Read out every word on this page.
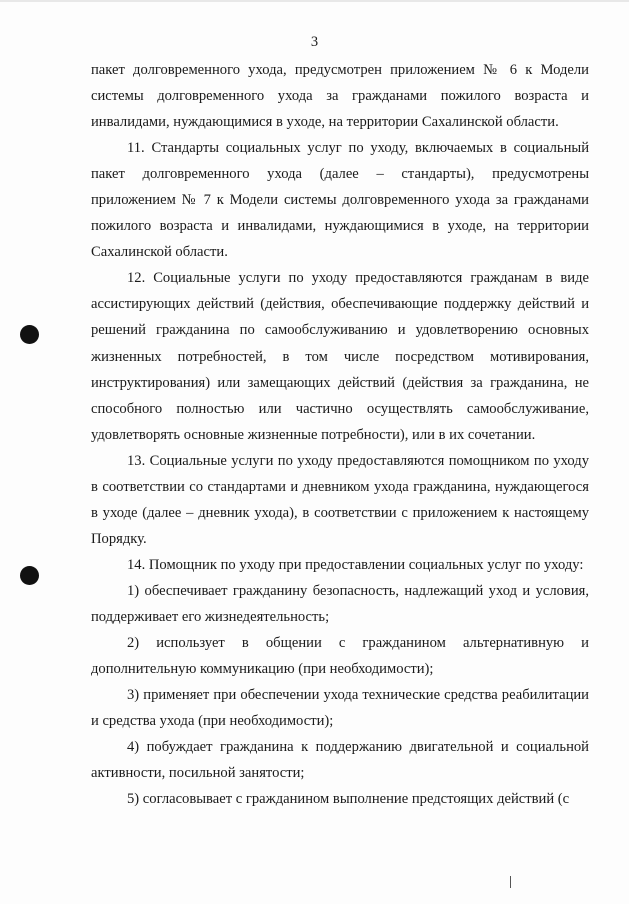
3

пакет долговременного ухода, предусмотрен приложением № 6 к Модели системы долговременного ухода за гражданами пожилого возраста и инвалидами, нуждающимися в уходе, на территории Сахалинской области.

11. Стандарты социальных услуг по уходу, включаемых в социальный пакет долговременного ухода (далее – стандарты), предусмотрены приложением № 7 к Модели системы долговременного ухода за гражданами пожилого возраста и инвалидами, нуждающимися в уходе, на территории Сахалинской области.

12. Социальные услуги по уходу предоставляются гражданам в виде ассистирующих действий (действия, обеспечивающие поддержку действий и решений гражданина по самообслуживанию и удовлетворению основных жизненных потребностей, в том числе посредством мотивирования, инструктирования) или замещающих действий (действия за гражданина, не способного полностью или частично осуществлять самообслуживание, удовлетворять основные жизненные потребности), или в их сочетании.

13. Социальные услуги по уходу предоставляются помощником по уходу в соответствии со стандартами и дневником ухода гражданина, нуждающегося в уходе (далее – дневник ухода), в соответствии с приложением к настоящему Порядку.

14. Помощник по уходу при предоставлении социальных услуг по уходу:

1) обеспечивает гражданину безопасность, надлежащий уход и условия, поддерживает его жизнедеятельность;

2) использует в общении с гражданином альтернативную и дополнительную коммуникацию (при необходимости);

3) применяет при обеспечении ухода технические средства реабилитации и средства ухода (при необходимости);

4) побуждает гражданина к поддержанию двигательной и социальной активности, посильной занятости;

5) согласовывает с гражданином выполнение предстоящих действий (с
